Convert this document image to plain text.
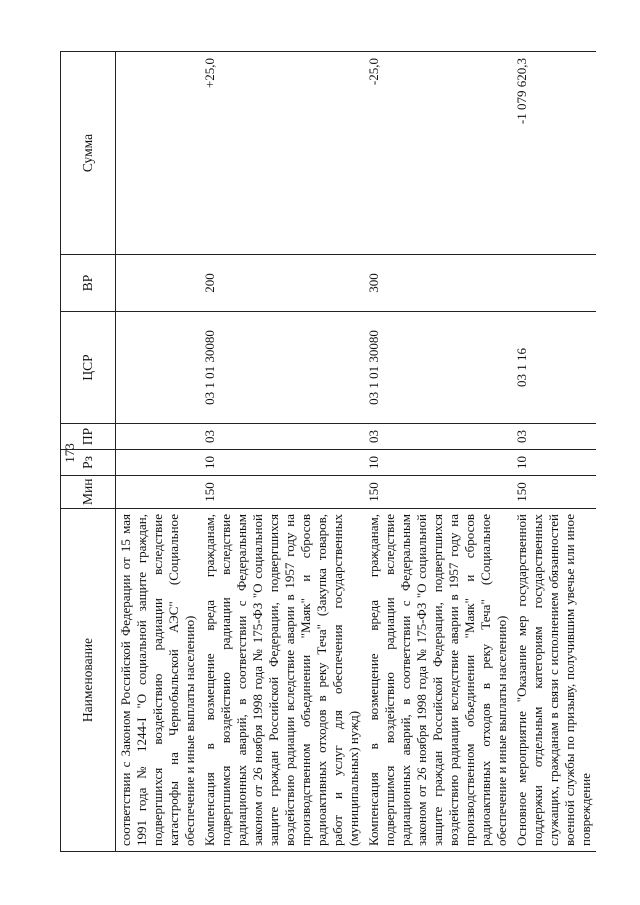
173
Наименование	Мин	Рз	ПР	ЦСР	ВР	Сумма
соответствии с Законом Российской Федерации от 15 мая 1991 года № 1244-I "О социальной защите граждан, подвергшихся воздействию радиации вследствие катастрофы на Чернобыльской АЭС" (Социальное обеспечение и иные выплаты населению)						
Компенсация в возмещение вреда гражданам, подвергшимся воздействию радиации вследствие радиационных аварий, в соответствии с Федеральным законом от 26 ноября 1998 года № 175-ФЗ "О социальной защите граждан Российской Федерации, подвергшихся воздействию радиации вследствие аварии в 1957 году на производственном объединении "Маяк" и сбросов радиоактивных отходов в реку Теча" (Закупка товаров, работ и услуг для обеспечения государственных (муниципальных) нужд)	150	10	03	03 1 01 30080	200	+25,0
Компенсация в возмещение вреда гражданам, подвергшимся воздействию радиации вследствие радиационных аварий, в соответствии с Федеральным законом от 26 ноября 1998 года № 175-ФЗ "О социальной защите граждан Российской Федерации, подвергшихся воздействию радиации вследствие аварии в 1957 году на производственном объединении "Маяк" и сбросов радиоактивных отходов в реку Теча" (Социальное обеспечение и иные выплаты населению)	150	10	03	03 1 01 30080	300	-25,0
Основное мероприятие "Оказание мер государственной поддержки отдельным категориям государственных служащих, гражданам в связи с исполнением обязанностей военной службы по призыву, получившим увечье или иное повреждение	150	10	03	03 1 16		-1 079 620,3
